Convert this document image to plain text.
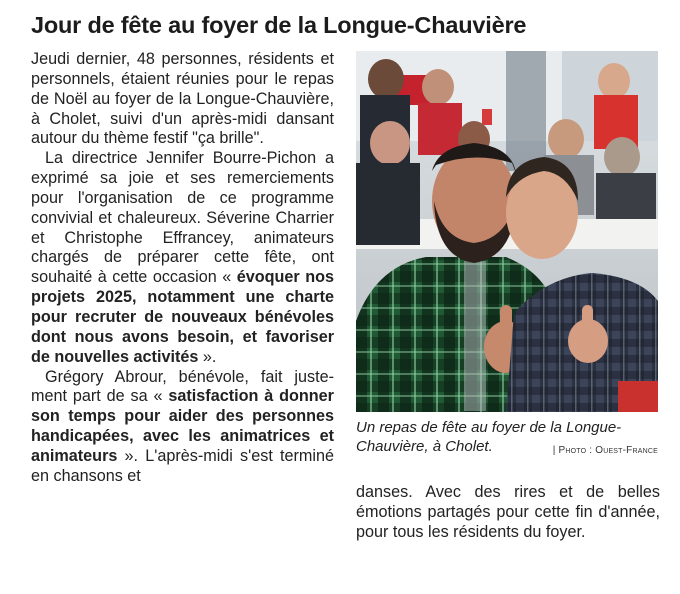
Jour de fête au foyer de la Longue-Chauvière

Jeudi dernier, 48 personnes, résidents et personnels, étaient réunies pour le repas de Noël au foyer de la Longue-Chauvière, à Cholet, suivi d'un après-midi dansant autour du thème festif "ça brille".

La directrice Jennifer Bourre-Pichon a exprimé sa joie et ses remerciements pour l'organisation de ce programme convivial et chaleureux. Séverine Charrier et Christophe Effrancey, animateurs chargés de préparer cette fête, ont souhaité à cette occasion « évoquer nos projets 2025, notamment une charte pour recruter de nouveaux bénévoles dont nous avons besoin, et favoriser de nouvelles activités ».

Grégory Abrour, bénévole, fait justement part de sa « satisfaction à donner son temps pour aider des personnes handicapées, avec les animatrices et animateurs ». L'après-midi s'est terminé en chansons et

Un repas de fête au foyer de la Longue-Chauvière, à Cholet.	| Photo : Ouest-France

danses. Avec des rires et de belles émotions partagés pour cette fin d'année, pour tous les résidents du foyer.
